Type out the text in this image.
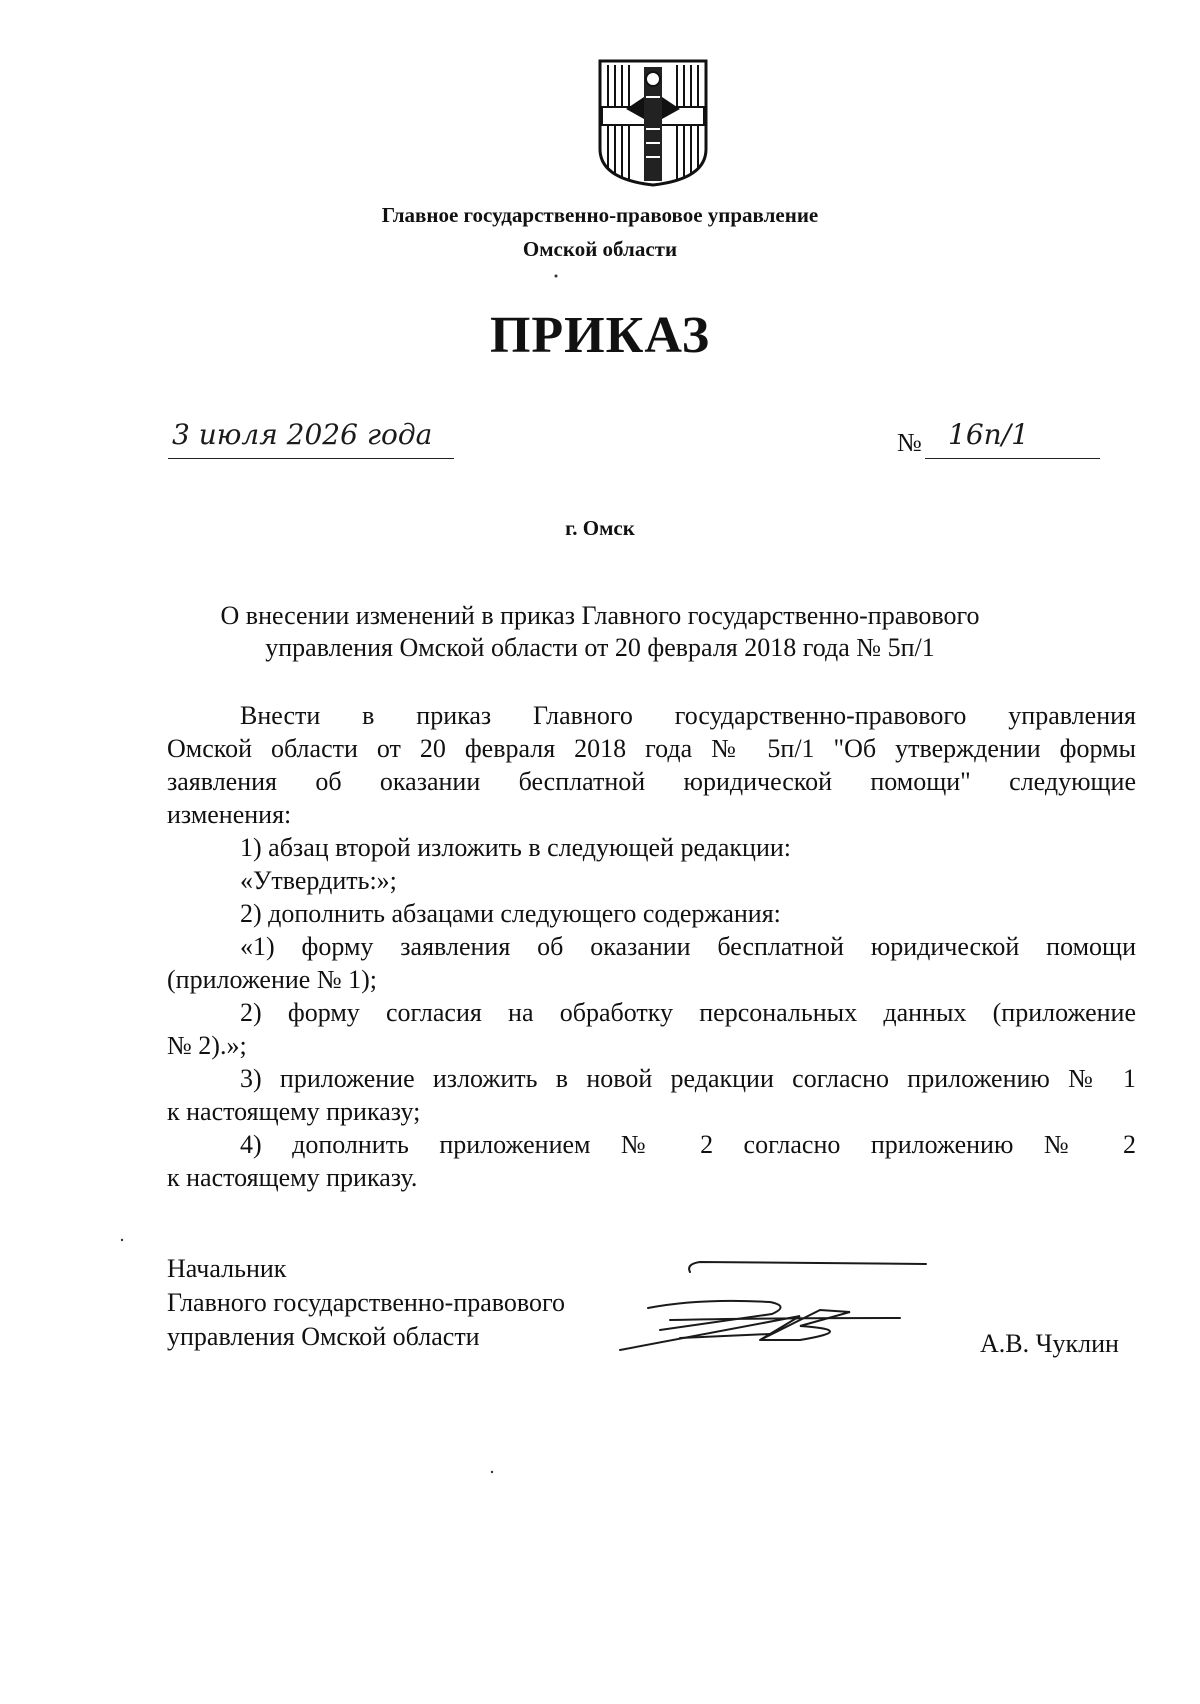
Главное государственно-правовое управление
Омской области
ПРИКАЗ
3 июля 2026 года	№ 16п/1
г. Омск
О внесении изменений в приказ Главного государственно-правового
управления Омской области от 20 февраля 2018 года № 5п/1
Внести в приказ Главного государственно-правового управления
Омской области от 20 февраля 2018 года № 5п/1 "Об утверждении формы
заявления об оказании бесплатной юридической помощи" следующие
изменения:
1) абзац второй изложить в следующей редакции:
«Утвердить:»;
2) дополнить абзацами следующего содержания:
«1) форму заявления об оказании бесплатной юридической помощи
(приложение № 1);
2) форму согласия на обработку персональных данных (приложение
№ 2).»;
3) приложение изложить в новой редакции согласно приложению № 1
к настоящему приказу;
4) дополнить приложением № 2 согласно приложению № 2
к настоящему приказу.
Начальник
Главного государственно-правового
управления Омской области	А.В. Чуклин
